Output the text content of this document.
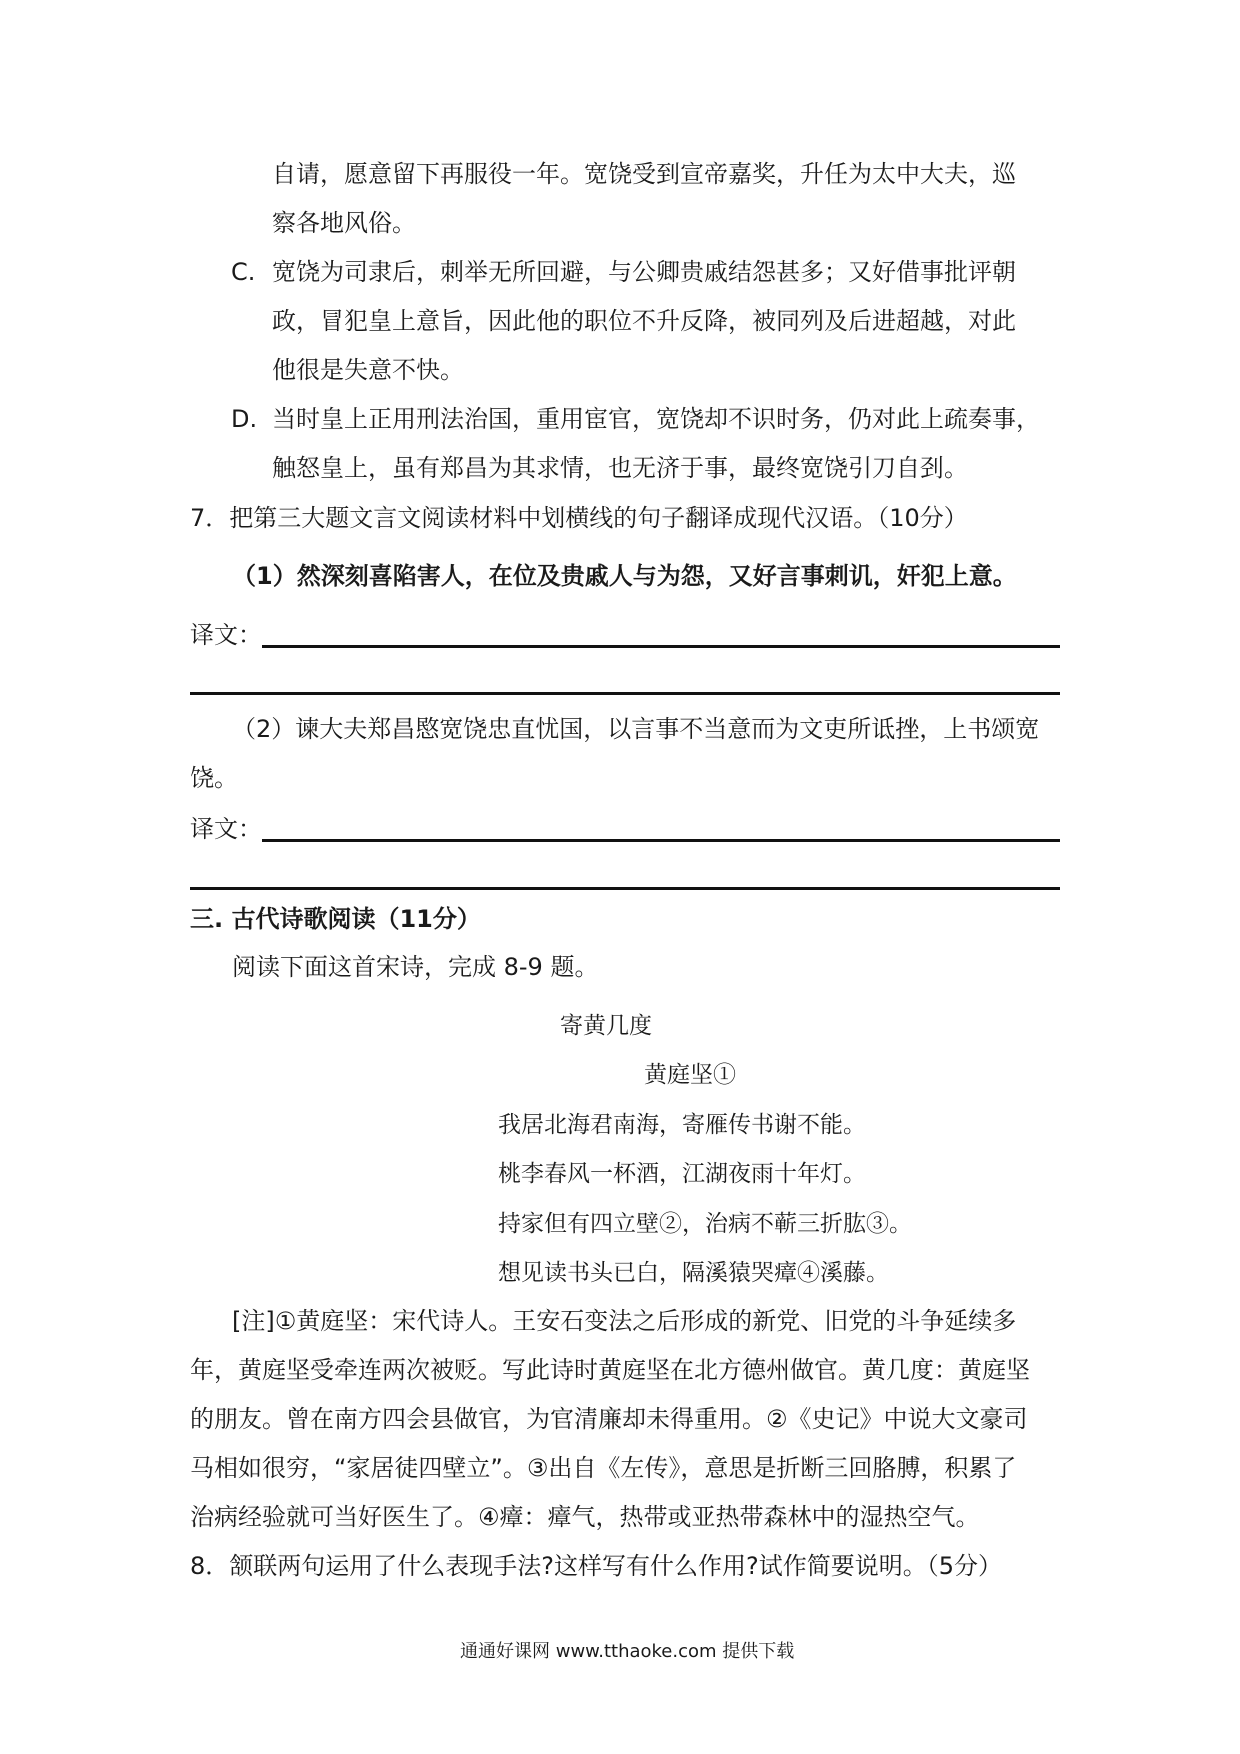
自请，愿意留下再服役一年。宽饶受到宣帝嘉奖，升任为太中大夫，巡
察各地风俗。
C. 宽饶为司隶后，刺举无所回避，与公卿贵戚结怨甚多；又好借事批评朝
政，冒犯皇上意旨，因此他的职位不升反降，被同列及后进超越，对此
他很是失意不快。
D. 当时皇上正用刑法治国，重用宦官，宽饶却不识时务，仍对此上疏奏事，
触怒皇上，虽有郑昌为其求情，也无济于事，最终宽饶引刀自刭。
7．把第三大题文言文阅读材料中划横线的句子翻译成现代汉语。（10分）
（1）然深刻喜陷害人，在位及贵戚人与为怨，又好言事刺讥，奸犯上意。
译文：
（2）谏大夫郑昌愍宽饶忠直忧国，以言事不当意而为文吏所诋挫，上书颂宽
饶。
译文：
三. 古代诗歌阅读（11分）
阅读下面这首宋诗，完成 8-9 题。
寄黄几度
黄庭坚①
我居北海君南海，寄雁传书谢不能。
桃李春风一杯酒，江湖夜雨十年灯。
持家但有四立壁②，治病不蕲三折肱③。
想见读书头已白，隔溪猿哭瘴④溪藤。
[注]①黄庭坚：宋代诗人。王安石变法之后形成的新党、旧党的斗争延续多
年，黄庭坚受牵连两次被贬。写此诗时黄庭坚在北方德州做官。黄几度：黄庭坚
的朋友。曾在南方四会县做官，为官清廉却未得重用。②《史记》中说大文豪司
马相如很穷，“家居徒四壁立”。③出自《左传》，意思是折断三回胳膊，积累了
治病经验就可当好医生了。④瘴：瘴气，热带或亚热带森林中的湿热空气。
8．颔联两句运用了什么表现手法?这样写有什么作用?试作简要说明。（5分）
通通好课网 www.tthaoke.com 提供下载
